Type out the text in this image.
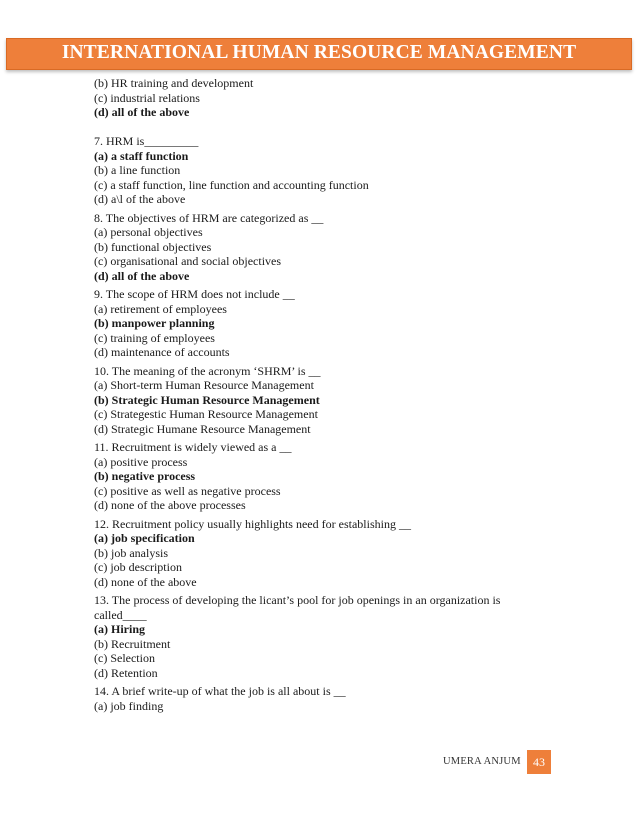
INTERNATIONAL HUMAN RESOURCE MANAGEMENT
(b) HR training and development
(c) industrial relations
(d) all of the above
7. HRM is_________
(a) a staff function
(b) a line function
(c) a staff function, line function and accounting function
(d) a\l of the above
8. The objectives of HRM are categorized as __
(a) personal objectives
(b) functional objectives
(c) organisational and social objectives
(d) all of the above
9. The scope of HRM does not include __
(a) retirement of employees
(b) manpower planning
(c) training of employees
(d) maintenance of accounts
10. The meaning of the acronym ‘SHRM’ is __
(a) Short-term Human Resource Management
(b) Strategic Human Resource Management
(c) Strategestic Human Resource Management
(d) Strategic Humane Resource Management
11. Recruitment is widely viewed as a __
(a) positive process
(b) negative process
(c) positive as well as negative process
(d) none of the above processes
12. Recruitment policy usually highlights need for establishing __
(a) job specification
(b) job analysis
(c) job description
(d) none of the above
13. The process of developing the licant’s pool for job openings in an organization is
called____
(a) Hiring
(b) Recruitment
(c) Selection
(d) Retention
14. A brief write-up of what the job is all about is __
(a) job finding
UMERA ANJUM	43
